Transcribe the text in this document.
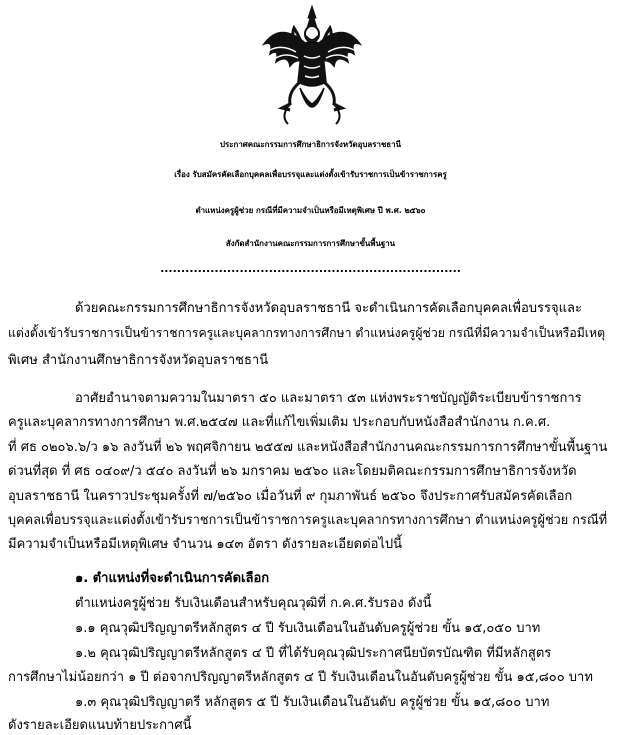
ประกาศคณะกรรมการศึกษาธิการจังหวัดอุบลราชธานี
เรื่อง รับสมัครคัดเลือกบุคคลเพื่อบรรจุและแต่งตั้งเข้ารับราชการเป็นข้าราชการครู
ตำแหน่งครูผู้ช่วย กรณีที่มีความจำเป็นหรือมีเหตุพิเศษ ปี พ.ศ. ๒๕๖๐
สังกัดสำนักงานคณะกรรมการการศึกษาขั้นพื้นฐาน
........................................................................
ด้วยคณะกรรมการศึกษาธิการจังหวัดอุบลราชธานี จะดำเนินการคัดเลือกบุคคลเพื่อบรรจุและ
แต่งตั้งเข้ารับราชการเป็นข้าราชการครูและบุคลากรทางการศึกษา ตำแหน่งครูผู้ช่วย กรณีที่มีความจำเป็นหรือมีเหตุ
พิเศษ สำนักงานศึกษาธิการจังหวัดอุบลราชธานี
อาศัยอำนาจตามความในมาตรา ๕๐ และมาตรา ๕๓ แห่งพระราชบัญญัติระเบียบข้าราชการ
ครูและบุคลากรทางการศึกษา พ.ศ.๒๕๔๗ และที่แก้ไขเพิ่มเติม ประกอบกับหนังสือสำนักงาน ก.ค.ศ.
ที่ ศธ ๐๒๐๖.๖/ว ๑๖ ลงวันที่ ๒๖ พฤศจิกายน ๒๕๕๗ และหนังสือสำนักงานคณะกรรมการการศึกษาขั้นพื้นฐาน
ด่วนที่สุด ที่ ศธ ๐๔๐๙/ว ๕๔๐ ลงวันที่ ๒๖ มกราคม ๒๕๖๐ และโดยมติคณะกรรมการศึกษาธิการจังหวัด
อุบลราชธานี ในคราวประชุมครั้งที่ ๗/๒๕๖๐ เมื่อวันที่ ๙ กุมภาพันธ์ ๒๕๖๐ จึงประกาศรับสมัครคัดเลือก
บุคคลเพื่อบรรจุและแต่งตั้งเข้ารับราชการเป็นข้าราชการครูและบุคลากรทางการศึกษา ตำแหน่งครูผู้ช่วย กรณีที่
มีความจำเป็นหรือมีเหตุพิเศษ จำนวน ๑๔๓ อัตรา ดังรายละเอียดต่อไปนี้
๑. ตำแหน่งที่จะดำเนินการคัดเลือก
ตำแหน่งครูผู้ช่วย รับเงินเดือนสำหรับคุณวุฒิที่ ก.ค.ศ.รับรอง ดังนี้
๑.๑ คุณวุฒิปริญญาตรีหลักสูตร ๔ ปี รับเงินเดือนในอันดับครูผู้ช่วย ขั้น ๑๕,๐๕๐ บาท
๑.๒ คุณวุฒิปริญญาตรีหลักสูตร ๔ ปี ที่ได้รับคุณวุฒิประกาศนียบัตรบัณฑิต ที่มีหลักสูตร
การศึกษาไม่น้อยกว่า ๑ ปี ต่อจากปริญญาตรีหลักสูตร ๔ ปี รับเงินเดือนในอันดับครูผู้ช่วย ขั้น ๑๕,๘๐๐ บาท
๑.๓ คุณวุฒิปริญญาตรี หลักสูตร ๕ ปี รับเงินเดือนในอันดับ ครูผู้ช่วย ขั้น ๑๕,๘๐๐ บาท
ดังรายละเอียดแนบท้ายประกาศนี้
